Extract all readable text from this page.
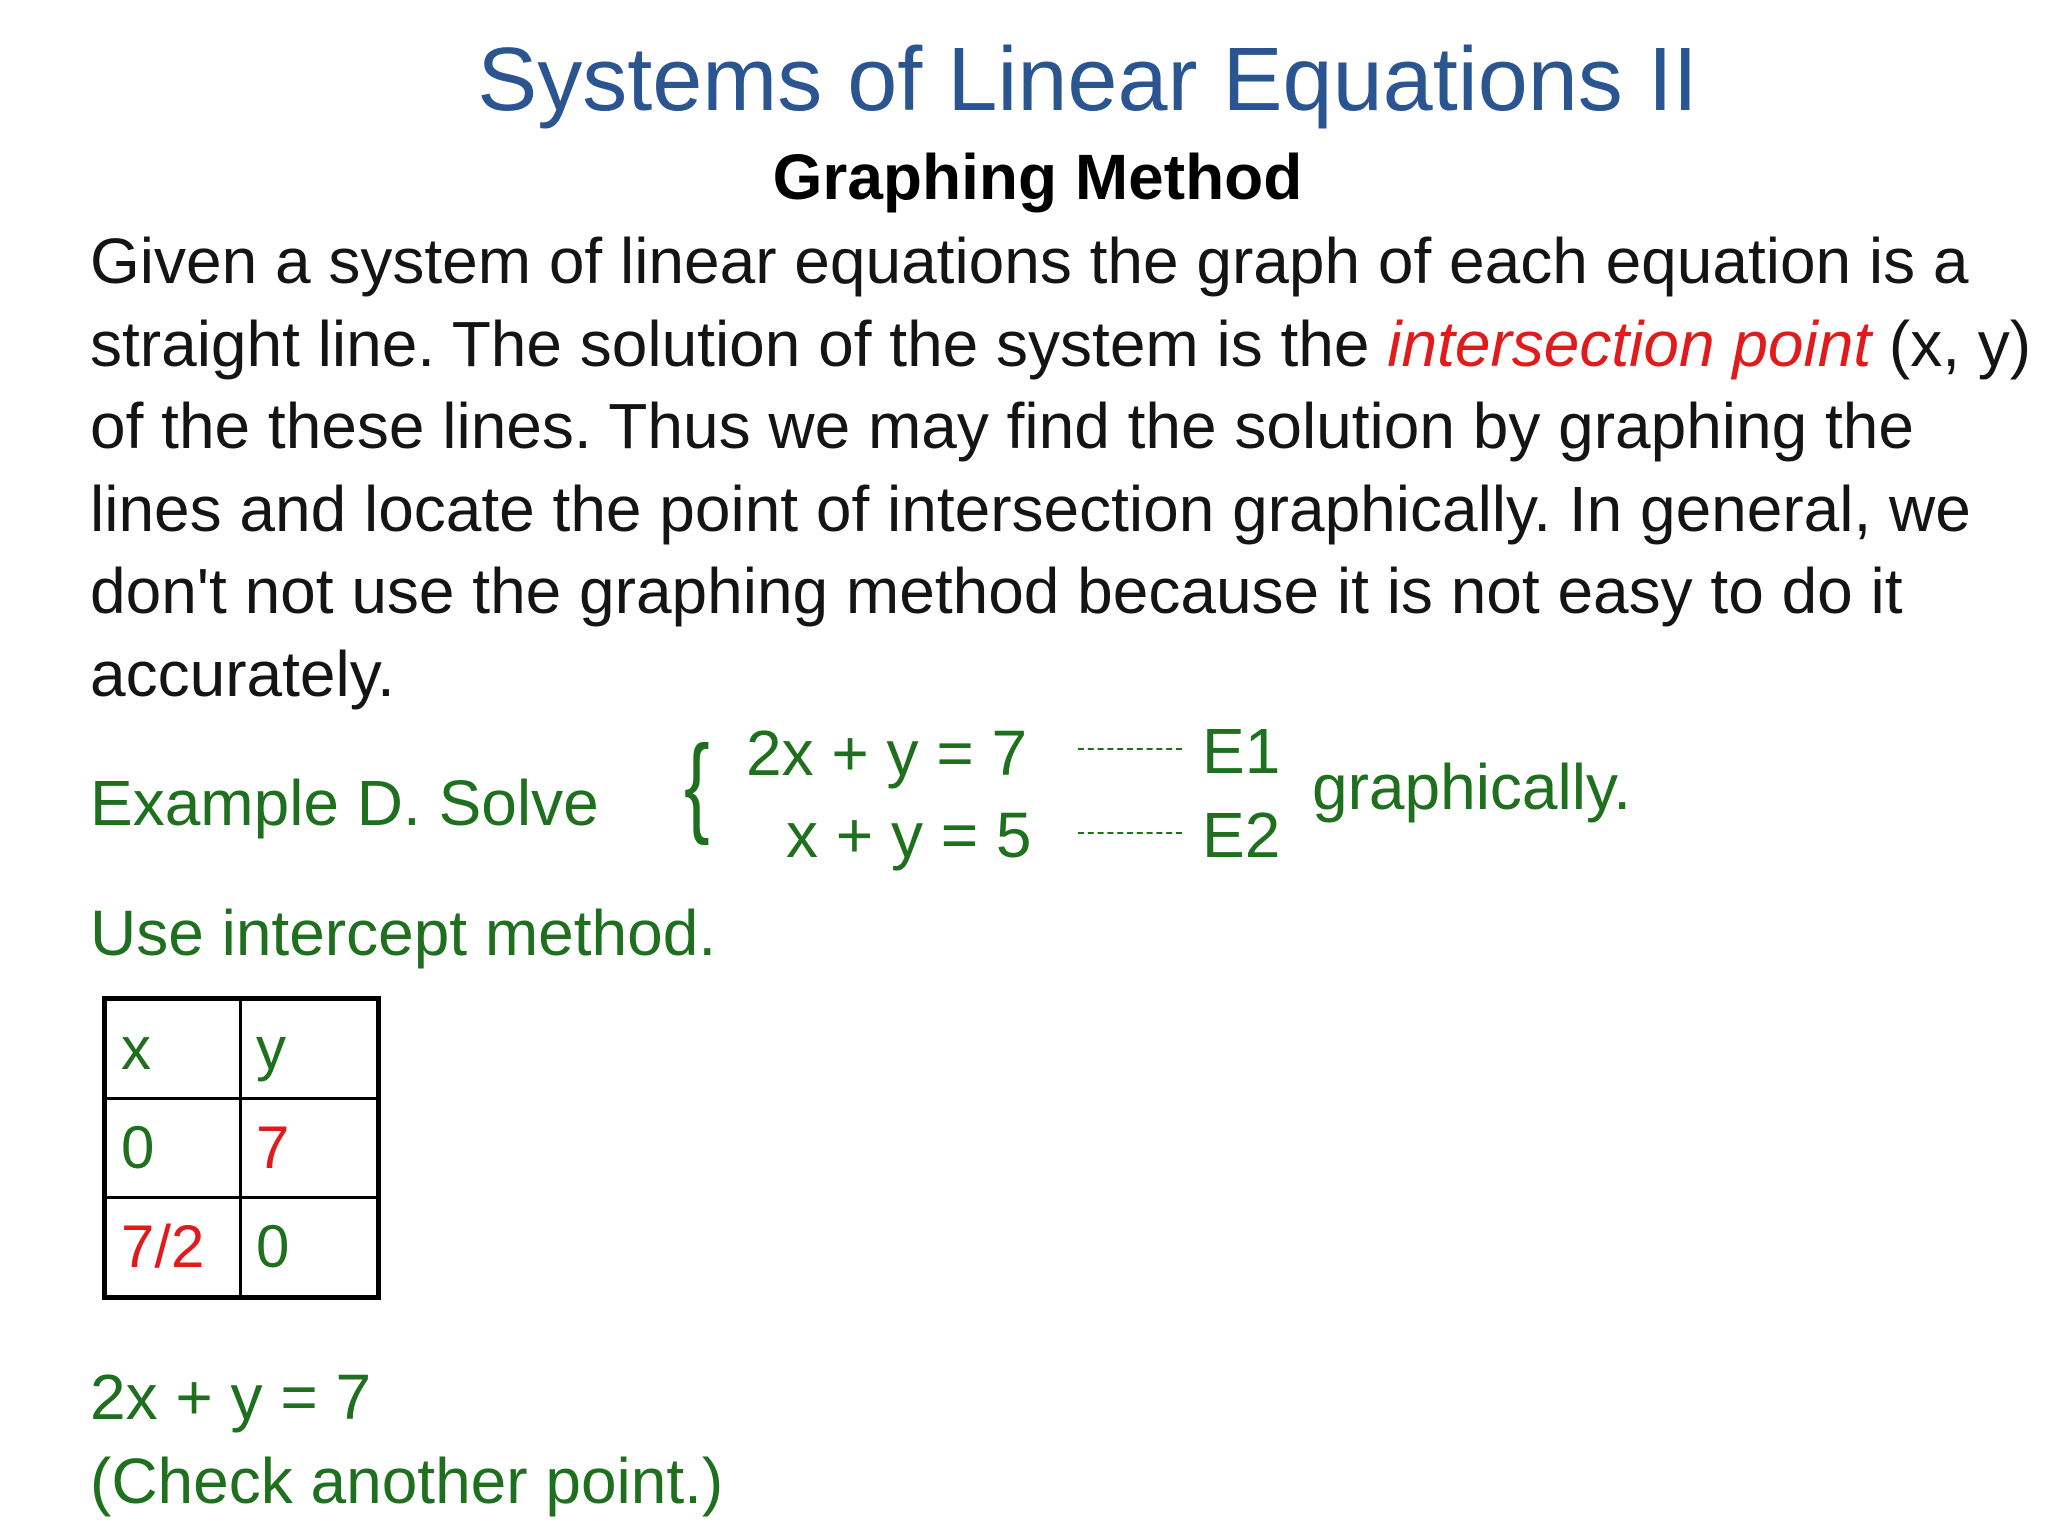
Systems of Linear Equations II
Graphing Method
Given a system of linear equations the graph of each equation is a straight line. The solution of the system is the intersection point (x, y) of the these lines. Thus we may find the solution by graphing the lines and locate the point of intersection graphically. In general, we don't not use the graphing method because it is not easy to do it accurately.
Example D. Solve { 2x + y = 7
x + y = 5
E1
E2
graphically.
Use intercept method.
x	y
0	7
7/2	0
2x + y = 7
(Check another point.)
